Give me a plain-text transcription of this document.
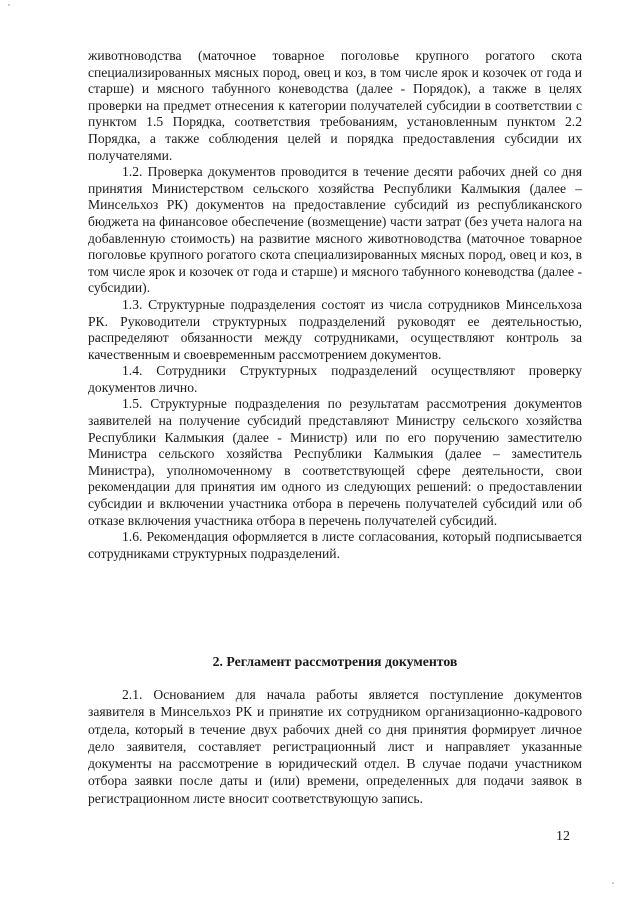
животноводства (маточное товарное поголовье крупного рогатого скота специализированных мясных пород, овец и коз, в том числе ярок и козочек от года и старше) и мясного табунного коневодства (далее - Порядок), а также в целях проверки на предмет отнесения к категории получателей субсидии в соответствии с пунктом 1.5 Порядка, соответствия требованиям, установленным пунктом 2.2 Порядка, а также соблюдения целей и порядка предоставления субсидии их получателями.

1.2. Проверка документов проводится в течение десяти рабочих дней со дня принятия Министерством сельского хозяйства Республики Калмыкия (далее – Минсельхоз РК) документов на предоставление субсидий из республиканского бюджета на финансовое обеспечение (возмещение) части затрат (без учета налога на добавленную стоимость) на развитие мясного животноводства (маточное товарное поголовье крупного рогатого скота специализированных мясных пород, овец и коз, в том числе ярок и козочек от года и старше) и мясного табунного коневодства (далее - субсидии).

1.3. Структурные подразделения состоят из числа сотрудников Минсельхоза РК. Руководители структурных подразделений руководят ее деятельностью, распределяют обязанности между сотрудниками, осуществляют контроль за качественным и своевременным рассмотрением документов.

1.4. Сотрудники Структурных подразделений осуществляют проверку документов лично.

1.5. Структурные подразделения по результатам рассмотрения документов заявителей на получение субсидий представляют Министру сельского хозяйства Республики Калмыкия (далее - Министр) или по его поручению заместителю Министра сельского хозяйства Республики Калмыкия (далее – заместитель Министра), уполномоченному в соответствующей сфере деятельности, свои рекомендации для принятия им одного из следующих решений: о предоставлении субсидии и включении участника отбора в перечень получателей субсидий или об отказе включения участника отбора в перечень получателей субсидий.

1.6. Рекомендация оформляется в листе согласования, который подписывается сотрудниками структурных подразделений.

2. Регламент рассмотрения документов

2.1. Основанием для начала работы является поступление документов заявителя в Минсельхоз РК и принятие их сотрудником организационно-кадрового отдела, который в течение двух рабочих дней со дня принятия формирует личное дело заявителя, составляет регистрационный лист и направляет указанные документы на рассмотрение в юридический отдел. В случае подачи участником отбора заявки после даты и (или) времени, определенных для подачи заявок в регистрационном листе вносит соответствующую запись.

12
